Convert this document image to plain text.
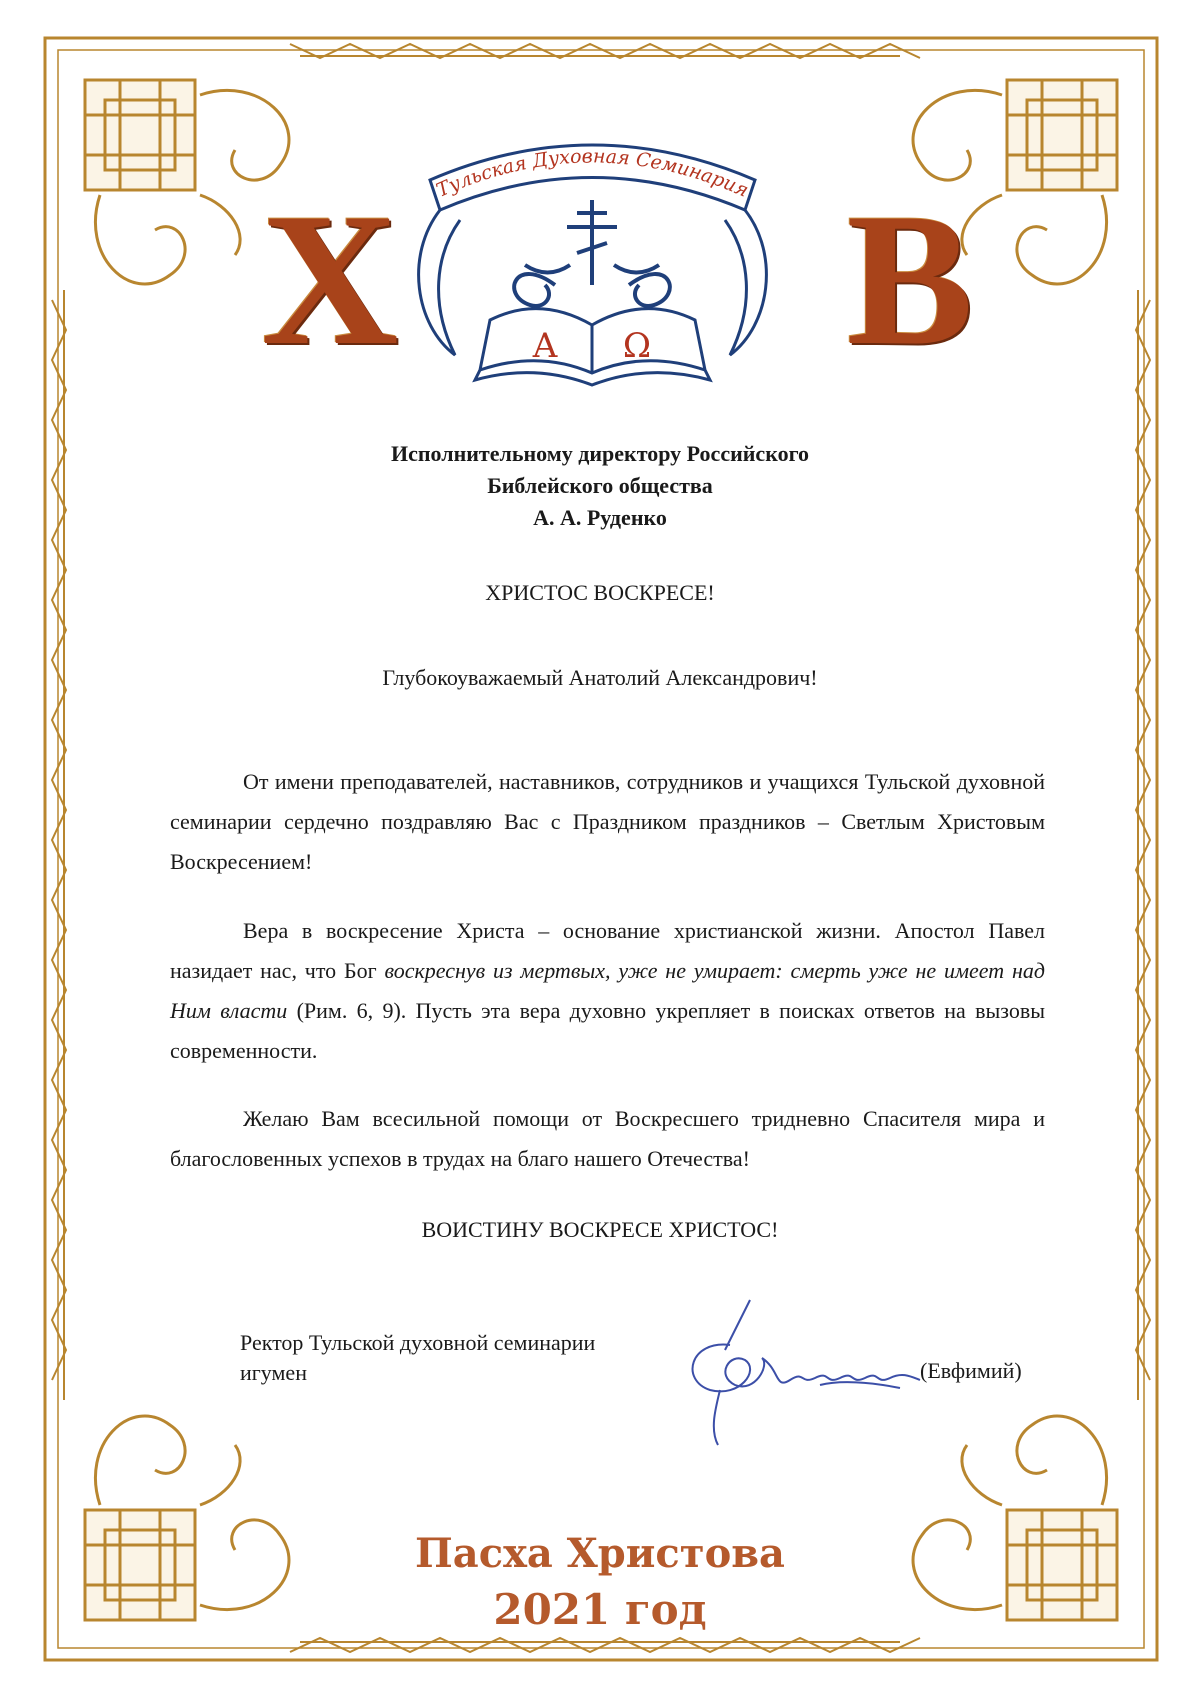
Х В
Тульская Духовная Семинария
Α Ω
Исполнительному директору Российского
Библейского общества
А. А. Руденко
ХРИСТОС ВОСКРЕСЕ!
Глубокоуважаемый Анатолий Александрович!

От имени преподавателей, наставников, сотрудников и учащихся Тульской духовной семинарии сердечно поздравляю Вас с Праздником праздников – Светлым Христовым Воскресением!

Вера в воскресение Христа – основание христианской жизни. Апостол Павел назидает нас, что Бог воскреснув из мертвых, уже не умирает: смерть уже не имеет над Ним власти (Рим. 6, 9). Пусть эта вера духовно укрепляет в поисках ответов на вызовы современности.

Желаю Вам всесильной помощи от Воскресшего тридневно Спасителя мира и благословенных успехов в трудах на благо нашего Отечества!

ВОИСТИНУ ВОСКРЕСЕ ХРИСТОС!
Ректор Тульской духовной семинарии
игумен	(Евфимий)
Пасха Христова
2021 год
